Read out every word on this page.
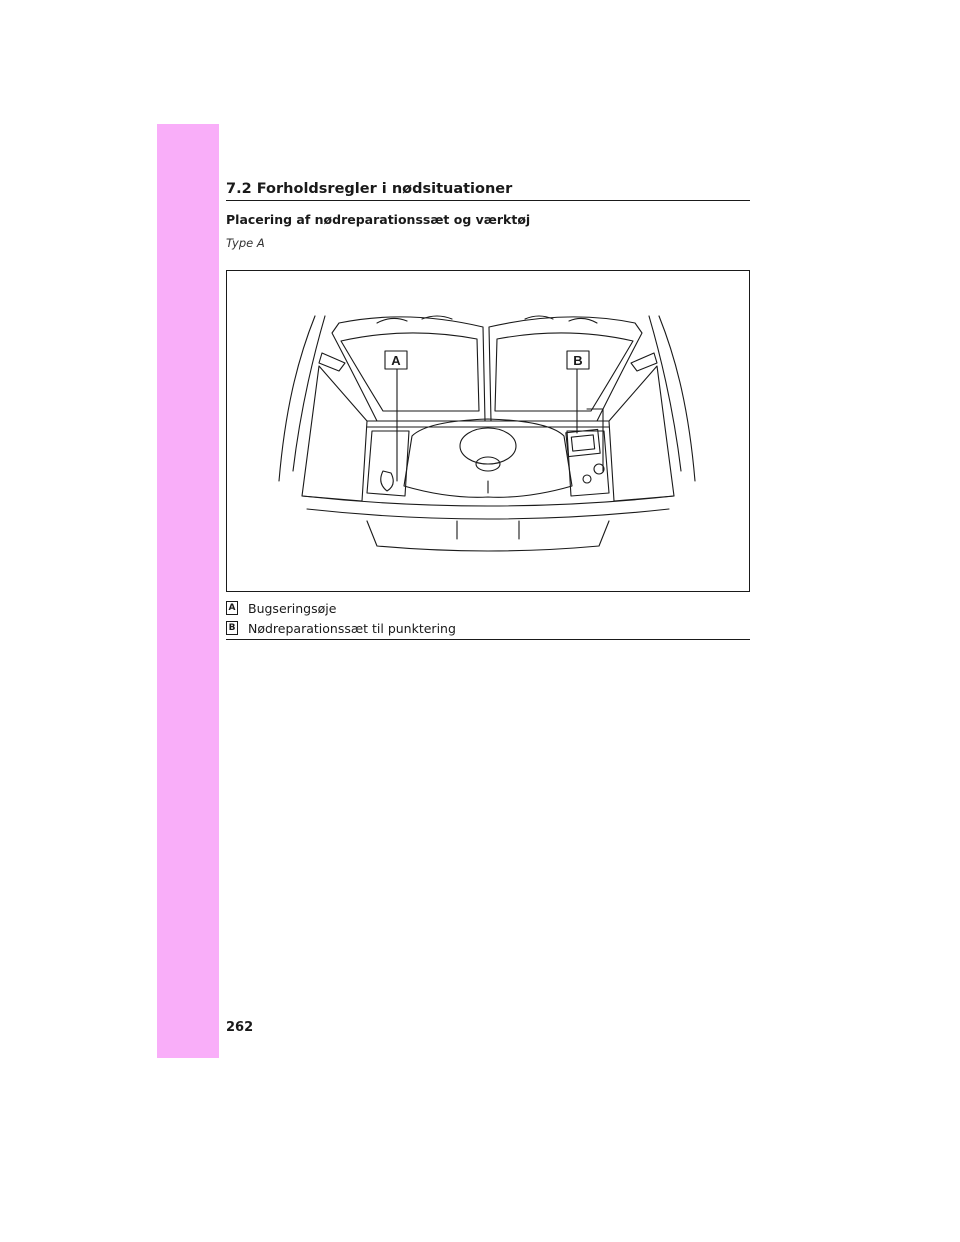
7.2 Forholdsregler i nødsituationer
Placering af nødreparationssæt og værktøj
Type A
A	B
A Bugseringsøje
B Nødreparationssæt til punktering
262
